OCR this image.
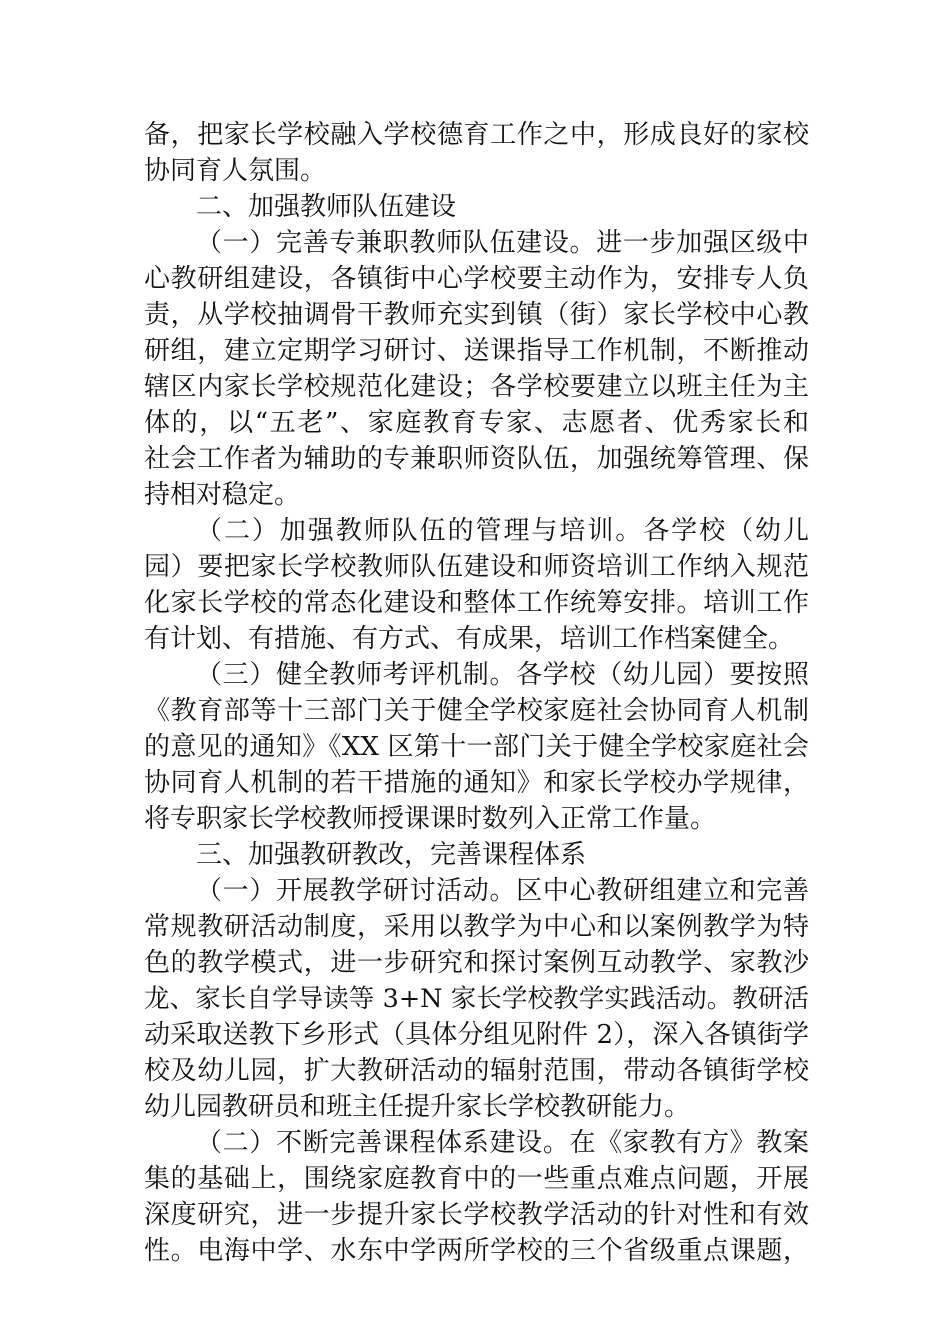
备，把家长学校融入学校德育工作之中，形成良好的家校
协同育人氛围。
二、加强教师队伍建设
（一）完善专兼职教师队伍建设。进一步加强区级中
心教研组建设，各镇街中心学校要主动作为，安排专人负
责，从学校抽调骨干教师充实到镇（街）家长学校中心教
研组，建立定期学习研讨、送课指导工作机制，不断推动
辖区内家长学校规范化建设；各学校要建立以班主任为主
体的，以“五老”、家庭教育专家、志愿者、优秀家长和
社会工作者为辅助的专兼职师资队伍，加强统筹管理、保
持相对稳定。
（二）加强教师队伍的管理与培训。各学校（幼儿
园）要把家长学校教师队伍建设和师资培训工作纳入规范
化家长学校的常态化建设和整体工作统筹安排。培训工作
有计划、有措施、有方式、有成果，培训工作档案健全。
（三）健全教师考评机制。各学校（幼儿园）要按照
《教育部等十三部门关于健全学校家庭社会协同育人机制
的意见的通知》《XX 区第十一部门关于健全学校家庭社会
协同育人机制的若干措施的通知》和家长学校办学规律，
将专职家长学校教师授课课时数列入正常工作量。
三、加强教研教改，完善课程体系
（一）开展教学研讨活动。区中心教研组建立和完善
常规教研活动制度，采用以教学为中心和以案例教学为特
色的教学模式，进一步研究和探讨案例互动教学、家教沙
龙、家长自学导读等 3+N 家长学校教学实践活动。教研活
动采取送教下乡形式（具体分组见附件 2），深入各镇街学
校及幼儿园，扩大教研活动的辐射范围，带动各镇街学校
幼儿园教研员和班主任提升家长学校教研能力。
（二）不断完善课程体系建设。在《家教有方》教案
集的基础上，围绕家庭教育中的一些重点难点问题，开展
深度研究，进一步提升家长学校教学活动的针对性和有效
性。电海中学、水东中学两所学校的三个省级重点课题，
